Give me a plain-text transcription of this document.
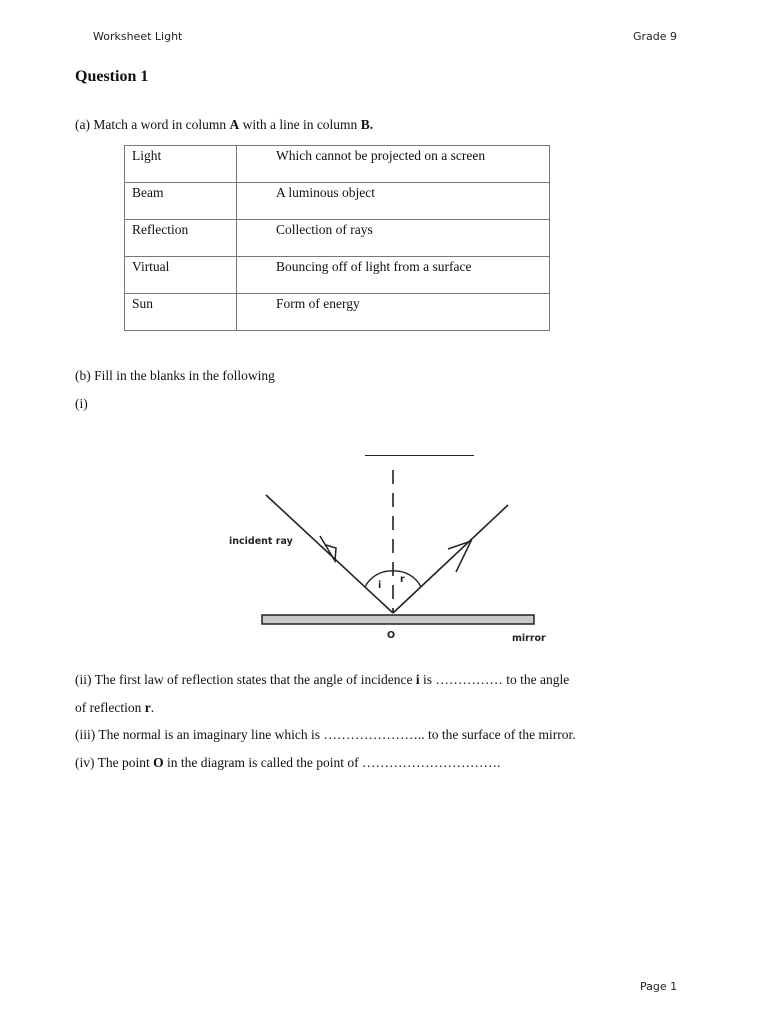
Worksheet Light	Grade 9
Question 1
(a) Match a word in column A with a line in column B.
Light	Which cannot be projected on a screen
Beam	A luminous object
Reflection	Collection of rays
Virtual	Bouncing off of light from a surface
Sun	Form of energy
(b) Fill in the blanks in the following
(i)
incident ray
i
r
O	mirror
(ii) The first law of reflection states that the angle of incidence i is …………… to the angle
of reflection r.
(iii) The normal is an imaginary line which is ………………….. to the surface of the mirror.
(iv) The point O in the diagram is called the point of ………………………….
Page 1
